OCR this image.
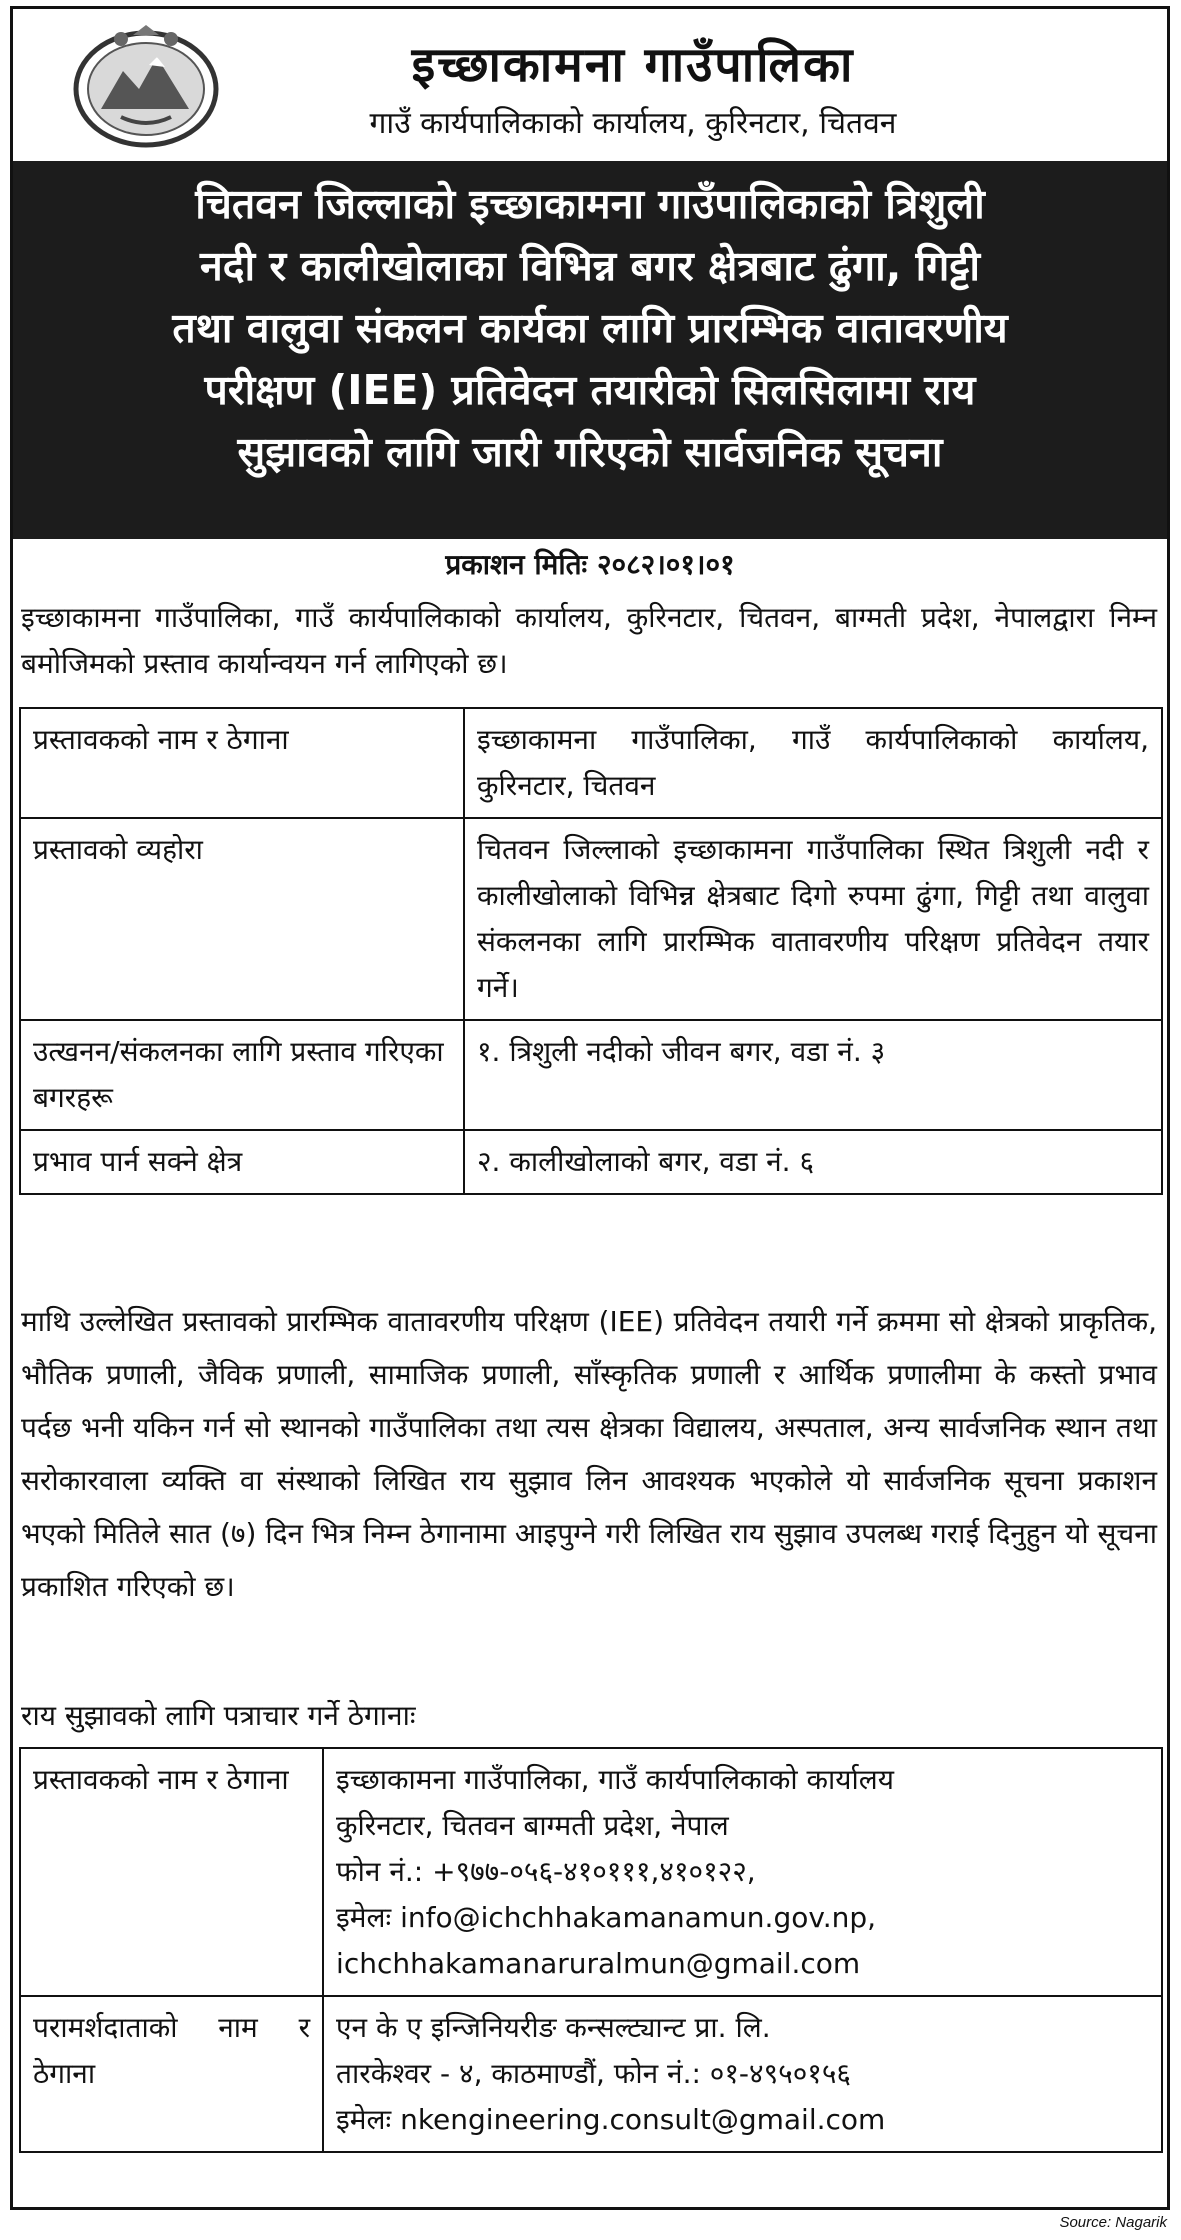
इच्छाकामना गाउँपालिका
गाउँ कार्यपालिकाको कार्यालय, कुरिनटार, चितवन

चितवन जिल्लाको इच्छाकामना गाउँपालिकाको त्रिशुली

नदी र कालीखोलाका विभिन्न बगर क्षेत्रबाट ढुंगा, गिट्टी

तथा वालुवा संकलन कार्यका लागि प्रारम्भिक वातावरणीय

परीक्षण (IEE) प्रतिवेदन तयारीको सिलसिलामा राय

सुझावको लागि जारी गरिएको सार्वजनिक सूचना

प्रकाशन मितिः २०८२।०१।०१
इच्छाकामना गाउँपालिका, गाउँ कार्यपालिकाको कार्यालय, कुरिनटार, चितवन, बाग्मती प्रदेश, नेपालद्वारा निम्न बमोजिमको प्रस्ताव कार्यान्वयन गर्न लागिएको छ।
प्रस्तावकको नाम र ठेगाना	इच्छाकामना गाउँपालिका, गाउँ कार्यपालिकाको कार्यालय, कुरिनटार, चितवन
प्रस्तावको व्यहोरा	चितवन जिल्लाको इच्छाकामना गाउँपालिका स्थित त्रिशुली नदी र कालीखोलाको विभिन्न क्षेत्रबाट दिगो रुपमा ढुंगा, गिट्टी तथा वालुवा संकलनका लागि प्रारम्भिक वातावरणीय परिक्षण प्रतिवेदन तयार गर्ने।
उत्खनन/संकलनका लागि प्रस्ताव गरिएका बगरहरू	१. त्रिशुली नदीको जीवन बगर, वडा नं. ३
प्रभाव पार्न सक्ने क्षेत्र	२. कालीखोलाको बगर, वडा नं. ६
माथि उल्लेखित प्रस्तावको प्रारम्भिक वातावरणीय परिक्षण (IEE) प्रतिवेदन तयारी गर्ने क्रममा सो क्षेत्रको प्राकृतिक, भौतिक प्रणाली, जैविक प्रणाली, सामाजिक प्रणाली, साँस्कृतिक प्रणाली र आर्थिक प्रणालीमा के कस्तो प्रभाव पर्दछ भनी यकिन गर्न सो स्थानको गाउँपालिका तथा त्यस क्षेत्रका विद्यालय, अस्पताल, अन्य सार्वजनिक स्थान तथा सरोकारवाला व्यक्ति वा संस्थाको लिखित राय सुझाव लिन आवश्यक भएकोले यो सार्वजनिक सूचना प्रकाशन भएको मितिले सात (७) दिन भित्र निम्न ठेगानामा आइपुग्ने गरी लिखित राय सुझाव उपलब्ध गराई दिनुहुन यो सूचना प्रकाशित गरिएको छ।
राय सुझावको लागि पत्राचार गर्ने ठेगानाः
प्रस्तावकको नाम र ठेगाना	इच्छाकामना गाउँपालिका, गाउँ कार्यपालिकाको कार्यालय
कुरिनटार, चितवन बाग्मती प्रदेश, नेपाल
फोन नं.: +९७७-०५६-४१०१११,४१०१२२,
इमेलः info@ichchhakamanamun.gov.np,
ichchhakamanaruralmun@gmail.com

परामर्शदाताको नाम र ठेगाना	एन के ए इन्जिनियरीङ कन्सल्ट्यान्ट प्रा. लि.
तारकेश्वर - ४, काठमाण्डौं, फोन नं.: ०१-४९५०१५६
इमेलः nkengineering.consult@gmail.com
Source: Nagarik
